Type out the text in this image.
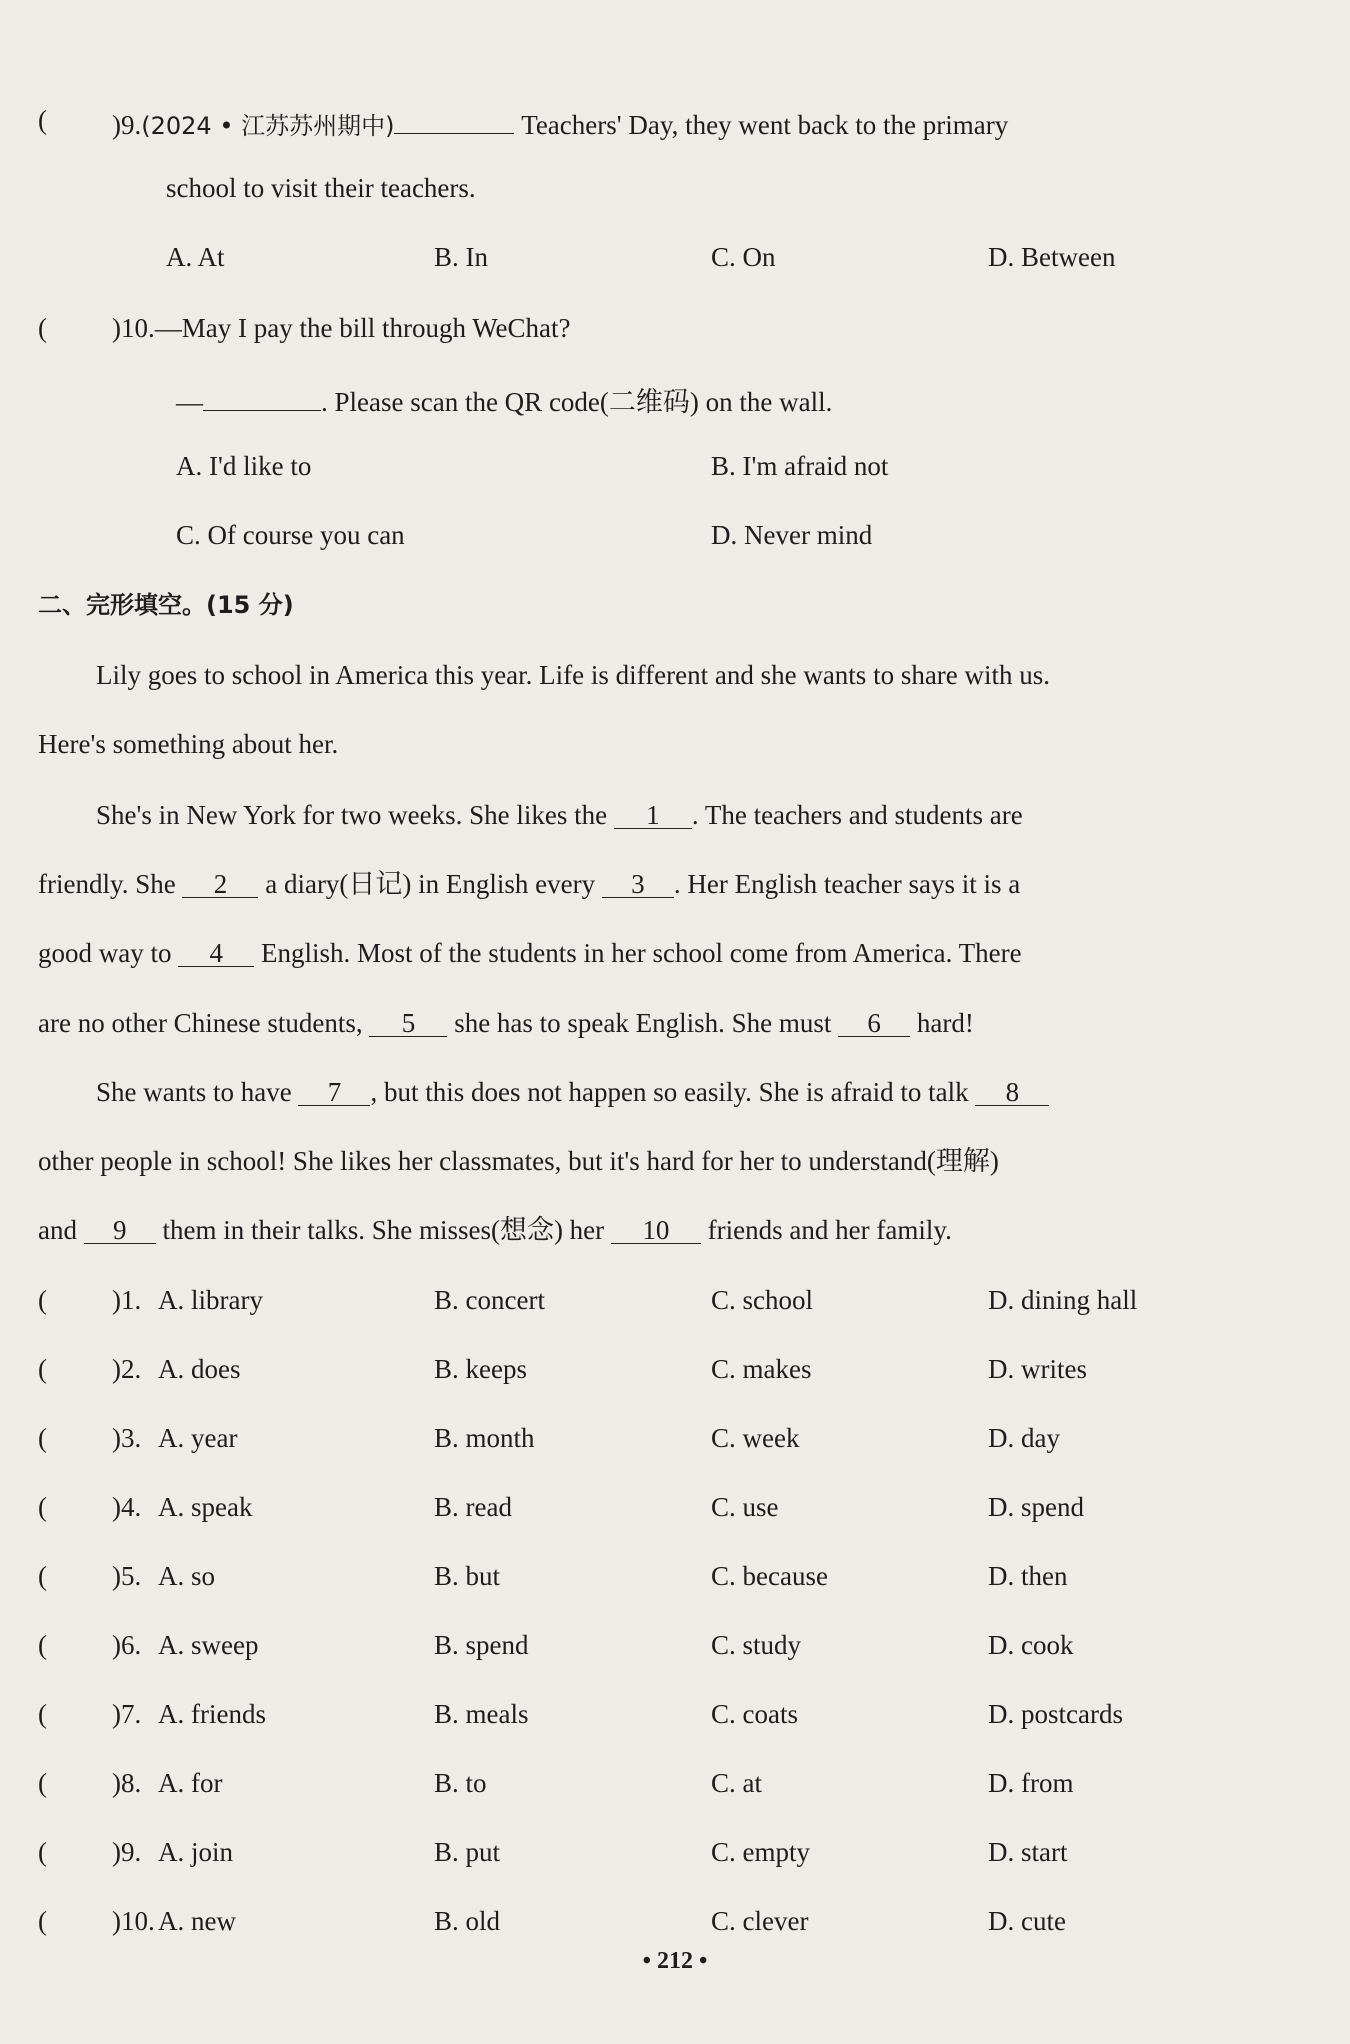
( )9.(2024 • 江苏苏州期中)	Teachers' Day, they went back to the primary
school to visit their teachers.
A. At	B. In	C. On	D. Between
( )10.—May I pay the bill through WeChat?
—	. Please scan the QR code(二维码) on the wall.
A. I'd like to	B. I'm afraid not
C. Of course you can	D. Never mind
二、完形填空。(15 分)
Lily goes to school in America this year. Life is different and she wants to share with us.
Here's something about her.
She's in New York for two weeks. She likes the 1 . The teachers and students are
friendly. She 2 a diary(日记) in English every 3 . Her English teacher says it is a
good way to 4 English. Most of the students in her school come from America. There
are no other Chinese students, 5 she has to speak English. She must 6 hard!
She wants to have 7 , but this does not happen so easily. She is afraid to talk 8
other people in school! She likes her classmates, but it's hard for her to understand(理解)
and 9 them in their talks. She misses(想念) her 10 friends and her family.
( )1. A. library	B. concert	C. school	D. dining hall
( )2. A. does	B. keeps	C. makes	D. writes
( )3. A. year	B. month	C. week	D. day
( )4. A. speak	B. read	C. use	D. spend
( )5. A. so	B. but	C. because	D. then
( )6. A. sweep	B. spend	C. study	D. cook
( )7. A. friends	B. meals	C. coats	D. postcards
( )8. A. for	B. to	C. at	D. from
( )9. A. join	B. put	C. empty	D. start
( )10. A. new	B. old	C. clever	D. cute
• 212 •
